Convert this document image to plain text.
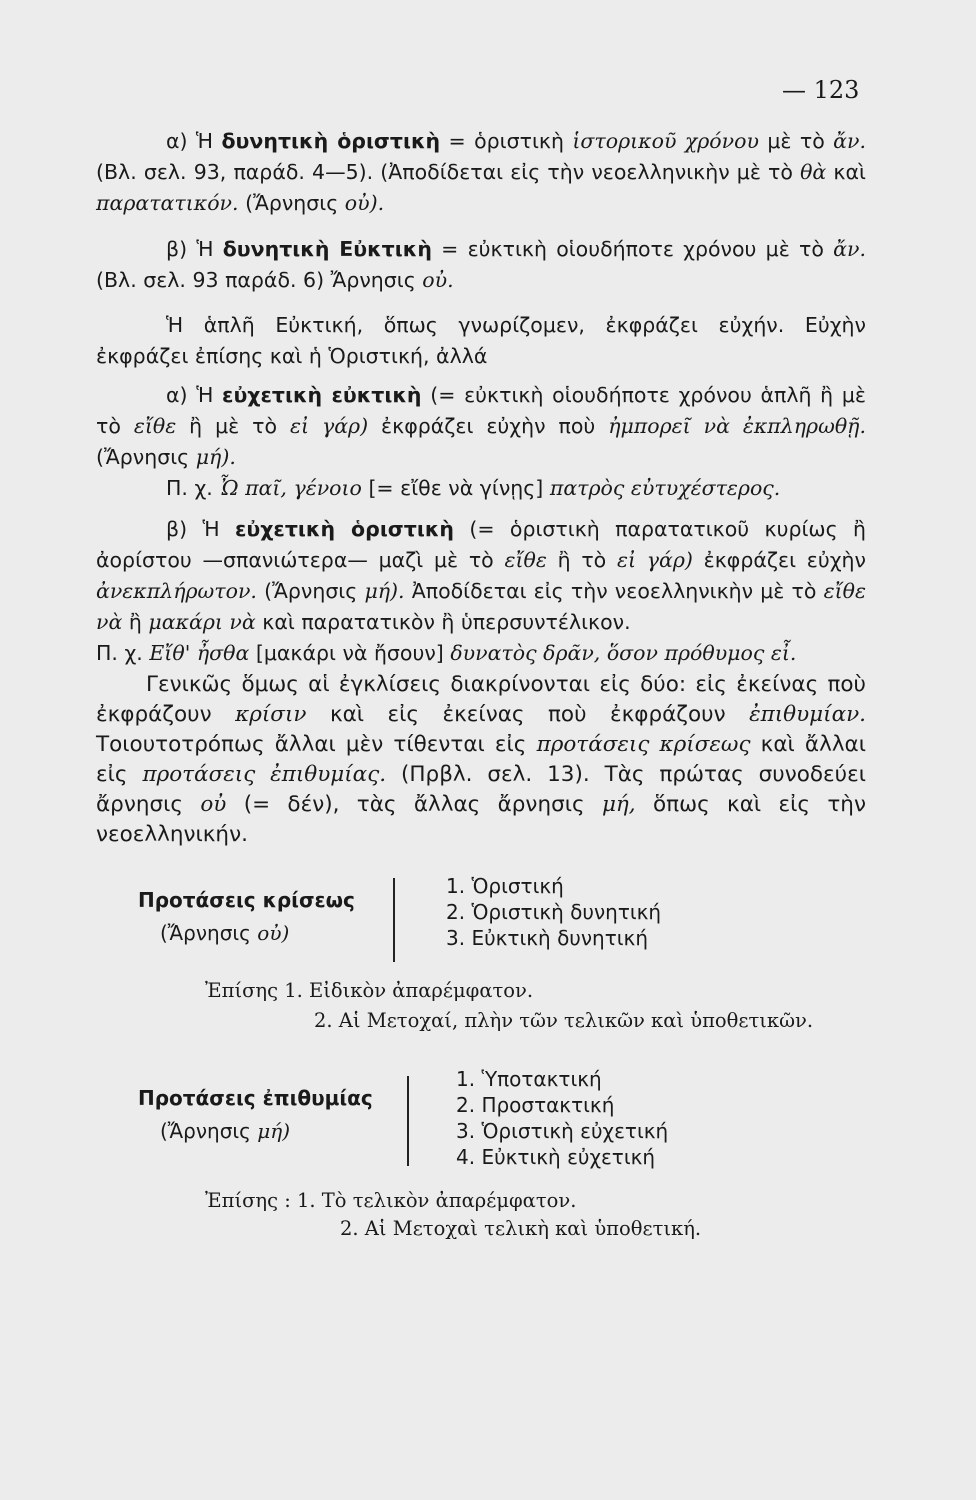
— 123
α) Ἡ δυνητικὴ ὁριστικὴ = ὁριστικὴ ἱστορικοῦ χρόνου μὲ τὸ ἄν. (Βλ. σελ. 93, παράδ. 4—5). (Ἀποδίδεται εἰς τὴν νεοελληνικὴν μὲ τὸ θὰ καὶ παρατατικόν. (Ἄρνησις οὐ).
β) Ἡ δυνητικὴ Εὐκτικὴ = εὐκτικὴ οἱουδήποτε χρόνου μὲ τὸ ἄν. (Βλ. σελ. 93 παράδ. 6) Ἄρνησις οὐ.
Ἡ ἁπλῆ Εὐκτική, ὅπως γνωρίζομεν, ἐκφράζει εὐχήν. Εὐχὴν ἐκφράζει ἐπίσης καὶ ἡ Ὁριστική, ἀλλά
α) Ἡ εὐχετικὴ εὐκτικὴ (= εὐκτικὴ οἱουδήποτε χρόνου ἁπλῆ ἢ μὲ τὸ εἴθε ἢ μὲ τὸ εἰ γάρ) ἐκφράζει εὐχὴν ποὺ ἠμπορεῖ νὰ ἐκπληρωθῇ. (Ἄρνησις μή).
Π. χ. Ὦ παῖ, γένοιο [= εἴθε νὰ γίνῃς] πατρὸς εὐτυχέστερος.
β) Ἡ εὐχετικὴ ὁριστικὴ (= ὁριστικὴ παρατατικοῦ κυρίως ἢ ἀορίστου —σπανιώτερα— μαζὶ μὲ τὸ εἴθε ἢ τὸ εἰ γάρ) ἐκφράζει εὐχὴν ἀνεκπλήρωτον. (Ἄρνησις μή). Ἀποδίδεται εἰς τὴν νεοελληνικὴν μὲ τὸ εἴθε νὰ ἢ μακάρι νὰ καὶ παρατατικὸν ἢ ὑπερσυντέλικον.
Π. χ. Εἴθ' ἦσθα [μακάρι νὰ ἤσουν] δυνατὸς δρᾶν, ὅσον πρόθυμος εἶ.
Γενικῶς ὅμως αἱ ἐγκλίσεις διακρίνονται εἰς δύο: εἰς ἐκείνας ποὺ ἐκφράζουν κρίσιν καὶ εἰς ἐκείνας ποὺ ἐκφράζουν ἐπιθυμίαν. Τοιουτοτρόπως ἄλλαι μὲν τίθενται εἰς προτάσεις κρίσεως καὶ ἄλλαι εἰς προτάσεις ἐπιθυμίας. (Πρβλ. σελ. 13). Τὰς πρώτας συνοδεύει ἄρνησις οὐ (= δέν), τὰς ἄλλας ἄρνησις μή, ὅπως καὶ εἰς τὴν νεοελληνικήν.
Προτάσεις κρίσεως
(Ἄρνησις οὐ)
1. Ὁριστική
2. Ὁριστικὴ δυνητική
3. Εὐκτικὴ δυνητική
Ἐπίσης 1. Εἰδικὸν ἀπαρέμφατον.
2. Αἱ Μετοχαί, πλὴν τῶν τελικῶν καὶ ὑποθετικῶν.
Προτάσεις ἐπιθυμίας
(Ἄρνησις μή)
1. Ὑποτακτική
2. Προστακτική
3. Ὁριστικὴ εὐχετική
4. Εὐκτικὴ εὐχετική
Ἐπίσης : 1. Τὸ τελικὸν ἀπαρέμφατον.
2. Αἱ Μετοχαὶ τελικὴ καὶ ὑποθετική.
